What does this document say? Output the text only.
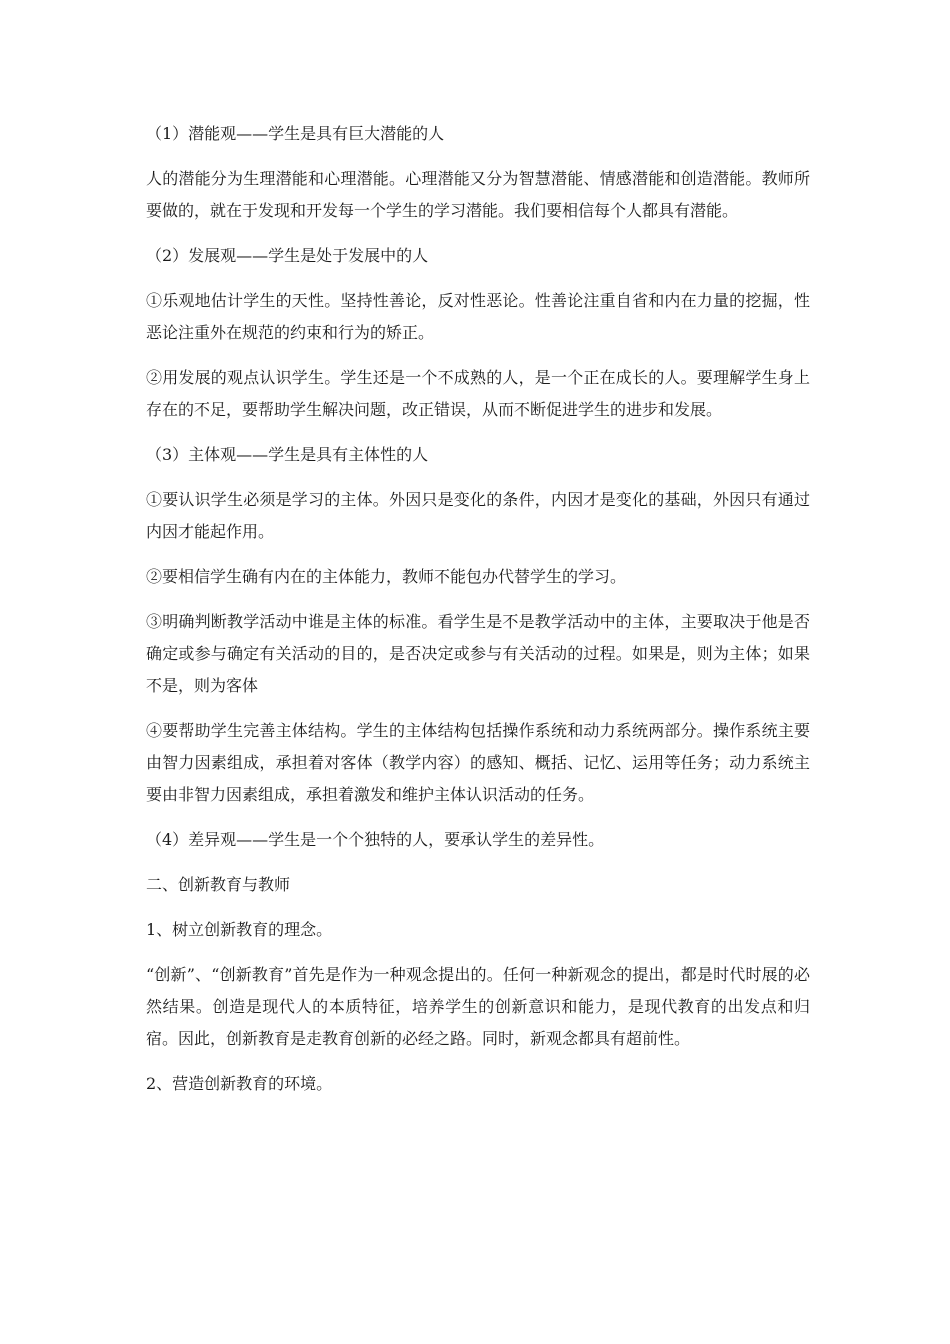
（1）潜能观——学生是具有巨大潜能的人

人的潜能分为生理潜能和心理潜能。心理潜能又分为智慧潜能、情感潜能和创造潜能。教师所要做的，就在于发现和开发每一个学生的学习潜能。我们要相信每个人都具有潜能。

（2）发展观——学生是处于发展中的人

①乐观地估计学生的天性。坚持性善论，反对性恶论。性善论注重自省和内在力量的挖掘，性恶论注重外在规范的约束和行为的矫正。

②用发展的观点认识学生。学生还是一个不成熟的人，是一个正在成长的人。要理解学生身上存在的不足，要帮助学生解决问题，改正错误，从而不断促进学生的进步和发展。

（3）主体观——学生是具有主体性的人

①要认识学生必须是学习的主体。外因只是变化的条件，内因才是变化的基础，外因只有通过内因才能起作用。

②要相信学生确有内在的主体能力，教师不能包办代替学生的学习。

③明确判断教学活动中谁是主体的标准。看学生是不是教学活动中的主体，主要取决于他是否确定或参与确定有关活动的目的，是否决定或参与有关活动的过程。如果是，则为主体；如果不是，则为客体

④要帮助学生完善主体结构。学生的主体结构包括操作系统和动力系统两部分。操作系统主要由智力因素组成，承担着对客体（教学内容）的感知、概括、记忆、运用等任务；动力系统主要由非智力因素组成，承担着激发和维护主体认识活动的任务。

（4）差异观——学生是一个个独特的人，要承认学生的差异性。

二、创新教育与教师

1、树立创新教育的理念。

“创新”、“创新教育”首先是作为一种观念提出的。任何一种新观念的提出，都是时代时展的必然结果。创造是现代人的本质特征，培养学生的创新意识和能力，是现代教育的出发点和归宿。因此，创新教育是走教育创新的必经之路。同时，新观念都具有超前性。

2、营造创新教育的环境。
